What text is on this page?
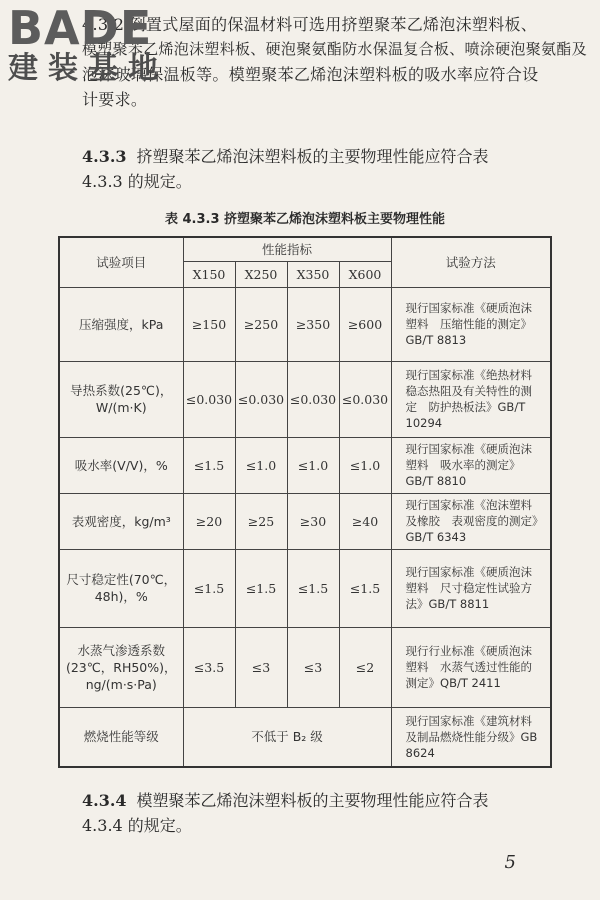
BADE
建装基地
4.3.2 倒置式屋面的保温材料可选用挤塑聚苯乙烯泡沫塑料板、
模塑聚苯乙烯泡沫塑料板、硬泡聚氨酯防水保温复合板、喷涂硬泡聚氨酯及
泡沫玻璃保温板等。模塑聚苯乙烯泡沫塑料板的吸水率应符合设
计要求。
4.3.3 挤塑聚苯乙烯泡沫塑料板的主要物理性能应符合表
4.3.3 的规定。
表 4.3.3 挤塑聚苯乙烯泡沫塑料板主要物理性能
试验项目	性能指标				试验方法
	X150	X250	X350	X600	
压缩强度，kPa	≥150	≥250	≥350	≥600	现行国家标准《硬质泡沫塑料　压缩性能的测定》GB/T 8813
导热系数(25℃)，W/(m·K)	≤0.030	≤0.030	≤0.030	≤0.030	现行国家标准《绝热材料稳态热阻及有关特性的测定　防护热板法》GB/T 10294
吸水率(V/V)，%	≤1.5	≤1.0	≤1.0	≤1.0	现行国家标准《硬质泡沫塑料　吸水率的测定》GB/T 8810
表观密度，kg/m³	≥20	≥25	≥30	≥40	现行国家标准《泡沫塑料及橡胶　表观密度的测定》GB/T 6343
尺寸稳定性(70℃，48h)，%	≤1.5	≤1.5	≤1.5	≤1.5	现行国家标准《硬质泡沫塑料　尺寸稳定性试验方法》GB/T 8811
水蒸气渗透系数(23℃，RH50%)，ng/(m·s·Pa)	≤3.5	≤3	≤3	≤2	现行行业标准《硬质泡沫塑料　水蒸气透过性能的测定》QB/T 2411
燃烧性能等级	不低于 B₂ 级				现行国家标准《建筑材料及制品燃烧性能分级》GB 8624
4.3.4 模塑聚苯乙烯泡沫塑料板的主要物理性能应符合表
4.3.4 的规定。
5
